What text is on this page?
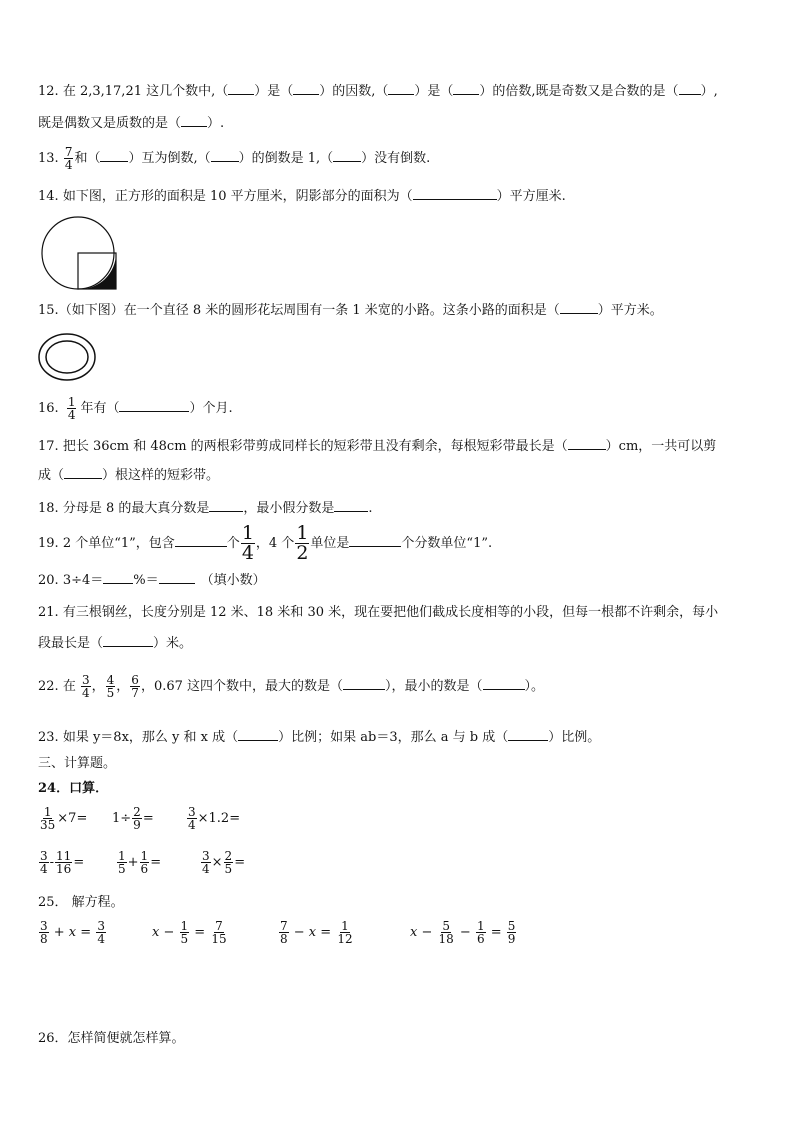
12. 在 2,3,17,21 这几个数中,（ ）是（ ）的因数,（ ）是（ ）的倍数,既是奇数又是合数的是（ ）,
既是偶数又是质数的是（ ）.
13. $\frac{7}{4}$ 和（ ）互为倒数,（ ）的倒数是 1,（ ）没有倒数.
14. 如下图，正方形的面积是 10 平方厘米，阴影部分的面积为（	）平方厘米.
15.（如下图）在一个直径 8 米的圆形花坛周围有一条 1 米宽的小路。这条小路的面积是（	）平方米。
16. $\frac{1}{4}$ 年有（	）个月.
17. 把长 36cm 和 48cm 的两根彩带剪成同样长的短彩带且没有剩余，每根短彩带最长是（	）cm，一共可以剪
成（	）根这样的短彩带。
18. 分母是 8 的最大真分数是	，最小假分数是	.
19. 2 个单位“1”，包含	个 $\frac{1}{4}$ ，4 个 $\frac{1}{2}$ 单位是	个分数单位“1”.
20. 3÷4＝ %＝	（填小数）
21. 有三根钢丝，长度分别是 12 米、18 米和 30 米，现在要把他们截成长度相等的小段，但每一根都不许剩余，每小
段最长是（	）米。
22. 在 $\frac{3}{4}$ ， $\frac{4}{5}$ ， $\frac{6}{7}$ ，0.67 这四个数中，最大的数是（	），最小的数是（	）。
23. 如果 y＝8x，那么 y 和 x 成（	）比例；如果 ab＝3，那么 a 与 b 成（	）比例。
三、计算题。
24．口算．
$\frac{1}{35} \times 7= 1\div \frac{2}{9}$ =	$\frac{3}{4} \times 1.2=$
$\frac{3}{4} - \frac{11}{16}$ =	$\frac{1}{5} + \frac{1}{6}$ =	$\frac{3}{4} \times \frac{2}{5}$ =
25． 解方程。
$\frac{3}{8} + x = \frac{3}{4}$	$x - \frac{1}{5} = \frac{7}{15}$	$\frac{7}{8} - x = \frac{1}{12}$	$x - \frac{5}{18} - \frac{1}{6} = \frac{5}{9}$
26．怎样简便就怎样算。
